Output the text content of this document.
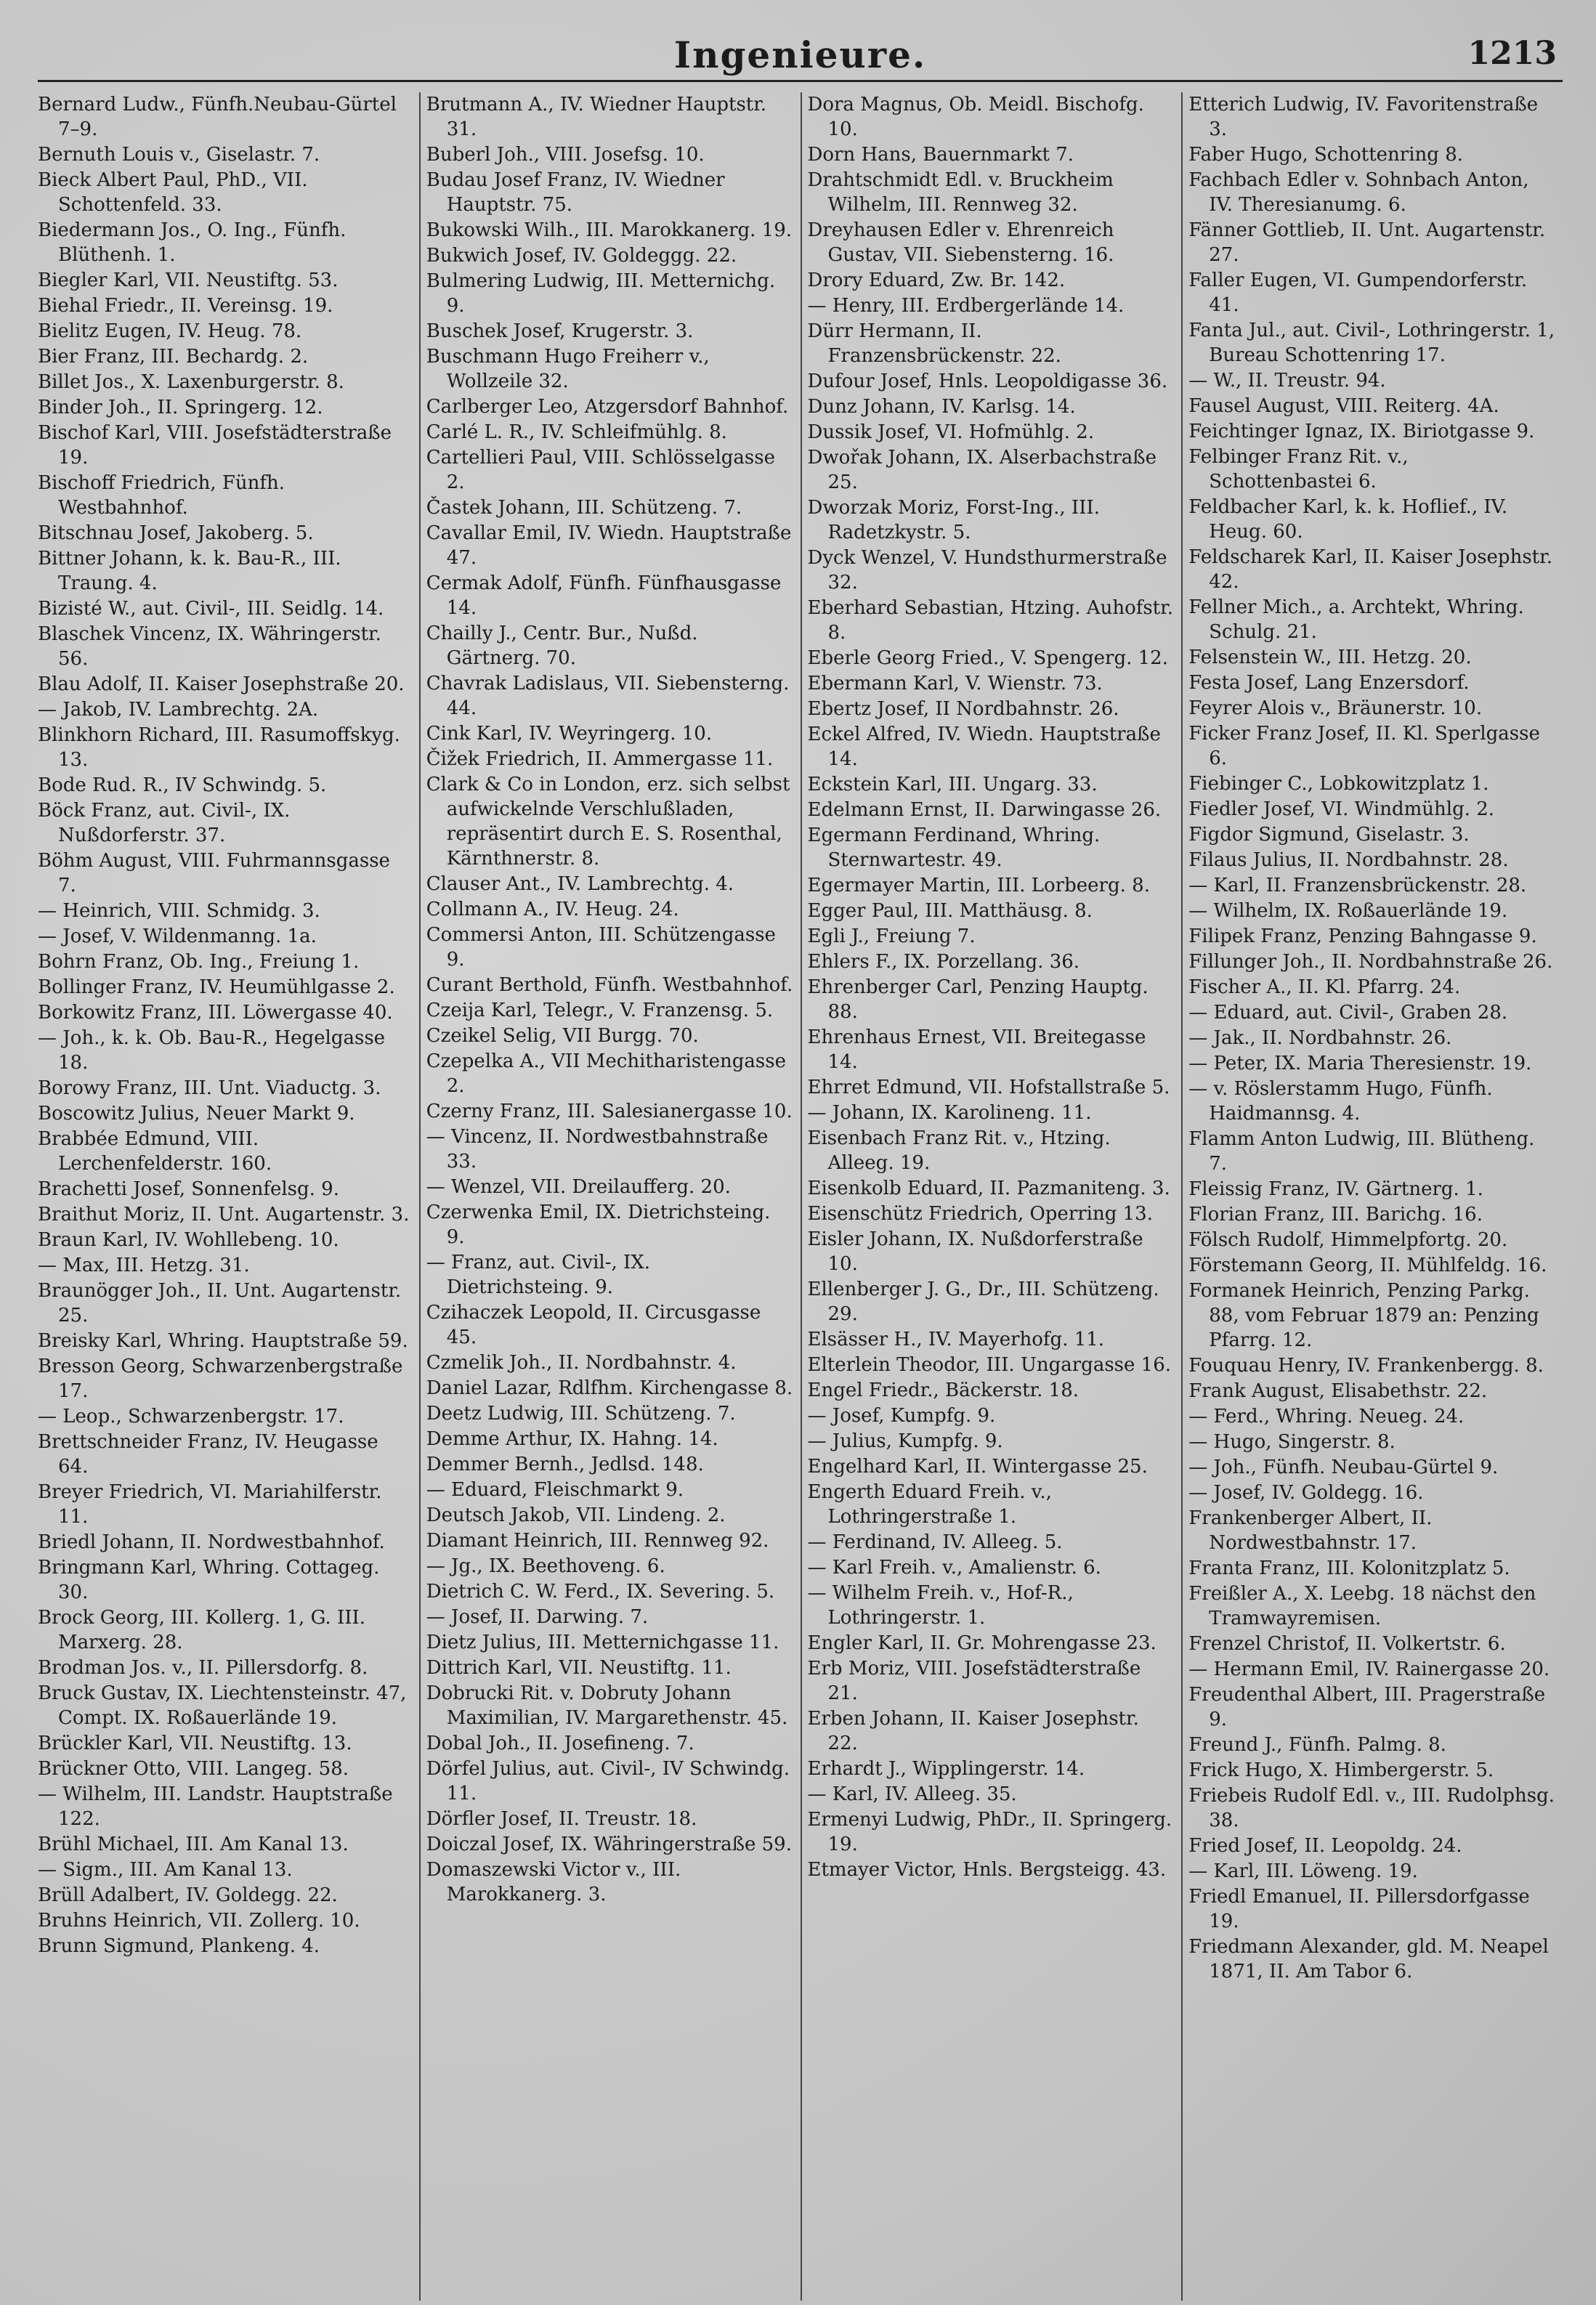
Ingenieure.	1213
Bernard Ludw., Fünfh.Neubau-Gürtel 7–9.
Bernuth Louis v., Giselastr. 7.
Bieck Albert Paul, PhD., VII. Schottenfeld. 33.
Biedermann Jos., O. Ing., Fünfh. Blüthenh. 1.
Biegler Karl, VII. Neustiftg. 53.
Biehal Friedr., II. Vereinsg. 19.
Bielitz Eugen, IV. Heug. 78.
Bier Franz, III. Bechardg. 2.
Billet Jos., X. Laxenburgerstr. 8.
Binder Joh., II. Springerg. 12.
Bischof Karl, VIII. Josefstädterstraße 19.
Bischoff Friedrich, Fünfh. Westbahnhof.
Bitschnau Josef, Jakoberg. 5.
Bittner Johann, k. k. Bau-R., III. Traung. 4.
Bizisté W., aut. Civil-, III. Seidlg. 14.
Blaschek Vincenz, IX. Währingerstr. 56.
Blau Adolf, II. Kaiser Josephstraße 20.
— Jakob, IV. Lambrechtg. 2A.
Blinkhorn Richard, III. Rasumoffskyg. 13.
Bode Rud. R., IV Schwindg. 5.
Böck Franz, aut. Civil-, IX. Nußdorferstr. 37.
Böhm August, VIII. Fuhrmannsgasse 7.
— Heinrich, VIII. Schmidg. 3.
— Josef, V. Wildenmanng. 1a.
Bohrn Franz, Ob. Ing., Freiung 1.
Bollinger Franz, IV. Heumühlgasse 2.
Borkowitz Franz, III. Löwergasse 40.
— Joh., k. k. Ob. Bau-R., Hegelgasse 18.
Borowy Franz, III. Unt. Viaductg. 3.
Boscowitz Julius, Neuer Markt 9.
Brabbée Edmund, VIII. Lerchenfelderstr. 160.
Brachetti Josef, Sonnenfelsg. 9.
Braithut Moriz, II. Unt. Augartenstr. 3.
Braun Karl, IV. Wohllebeng. 10.
— Max, III. Hetzg. 31.
Braunögger Joh., II. Unt. Augartenstr. 25.
Breisky Karl, Whring. Hauptstraße 59.
Bresson Georg, Schwarzenbergstraße 17.
— Leop., Schwarzenbergstr. 17.
Brettschneider Franz, IV. Heugasse 64.
Breyer Friedrich, VI. Mariahilferstr. 11.
Briedl Johann, II. Nordwestbahnhof.
Bringmann Karl, Whring. Cottageg. 30.
Brock Georg, III. Kollerg. 1, G. III. Marxerg. 28.
Brodman Jos. v., II. Pillersdorfg. 8.
Bruck Gustav, IX. Liechtensteinstr. 47, Compt. IX. Roßauerlände 19.
Brückler Karl, VII. Neustiftg. 13.
Brückner Otto, VIII. Langeg. 58.
— Wilhelm, III. Landstr. Hauptstraße 122.
Brühl Michael, III. Am Kanal 13.
— Sigm., III. Am Kanal 13.
Brüll Adalbert, IV. Goldegg. 22.
Bruhns Heinrich, VII. Zollerg. 10.
Brunn Sigmund, Plankeng. 4.
Brutmann A., IV. Wiedner Hauptstr. 31.
Buberl Joh., VIII. Josefsg. 10.
Budau Josef Franz, IV. Wiedner Hauptstr. 75.
Bukowski Wilh., III. Marokkanerg. 19.
Bukwich Josef, IV. Goldeggg. 22.
Bulmering Ludwig, III. Metternichg. 9.
Buschek Josef, Krugerstr. 3.
Buschmann Hugo Freiherr v., Wollzeile 32.
Carlberger Leo, Atzgersdorf Bahnhof.
Carlé L. R., IV. Schleifmühlg. 8.
Cartellieri Paul, VIII. Schlösselgasse 2.
Častek Johann, III. Schützeng. 7.
Cavallar Emil, IV. Wiedn. Hauptstraße 47.
Cermak Adolf, Fünfh. Fünfhausgasse 14.
Chailly J., Centr. Bur., Nußd. Gärtnerg. 70.
Chavrak Ladislaus, VII. Siebensterng. 44.
Cink Karl, IV. Weyringerg. 10.
Čižek Friedrich, II. Ammergasse 11.
Clark & Co in London, erz. sich selbst aufwickelnde Verschlußladen, repräsentirt durch E. S. Rosenthal, Kärnthnerstr. 8.
Clauser Ant., IV. Lambrechtg. 4.
Collmann A., IV. Heug. 24.
Commersi Anton, III. Schützengasse 9.
Curant Berthold, Fünfh. Westbahnhof.
Czeija Karl, Telegr., V. Franzensg. 5.
Czeikel Selig, VII Burgg. 70.
Czepelka A., VII Mechitharistengasse 2.
Czerny Franz, III. Salesianergasse 10.
— Vincenz, II. Nordwestbahnstraße 33.
— Wenzel, VII. Dreilaufferg. 20.
Czerwenka Emil, IX. Dietrichsteing. 9.
— Franz, aut. Civil-, IX. Dietrichsteing. 9.
Czihaczek Leopold, II. Circusgasse 45.
Czmelik Joh., II. Nordbahnstr. 4.
Daniel Lazar, Rdlfhm. Kirchengasse 8.
Deetz Ludwig, III. Schützeng. 7.
Demme Arthur, IX. Hahng. 14.
Demmer Bernh., Jedlsd. 148.
— Eduard, Fleischmarkt 9.
Deutsch Jakob, VII. Lindeng. 2.
Diamant Heinrich, III. Rennweg 92.
— Jg., IX. Beethoveng. 6.
Dietrich C. W. Ferd., IX. Severing. 5.
— Josef, II. Darwing. 7.
Dietz Julius, III. Metternichgasse 11.
Dittrich Karl, VII. Neustiftg. 11.
Dobrucki Rit. v. Dobruty Johann Maximilian, IV. Margarethenstr. 45.
Dobal Joh., II. Josefineng. 7.
Dörfel Julius, aut. Civil-, IV Schwindg. 11.
Dörfler Josef, II. Treustr. 18.
Doiczal Josef, IX. Währingerstraße 59.
Domaszewski Victor v., III. Marokkanerg. 3.
Dora Magnus, Ob. Meidl. Bischofg. 10.
Dorn Hans, Bauernmarkt 7.
Drahtschmidt Edl. v. Bruckheim Wilhelm, III. Rennweg 32.
Dreyhausen Edler v. Ehrenreich Gustav, VII. Siebensterng. 16.
Drory Eduard, Zw. Br. 142.
— Henry, III. Erdbergerlände 14.
Dürr Hermann, II. Franzensbrückenstr. 22.
Dufour Josef, Hnls. Leopoldigasse 36.
Dunz Johann, IV. Karlsg. 14.
Dussik Josef, VI. Hofmühlg. 2.
Dwořak Johann, IX. Alserbachstraße 25.
Dworzak Moriz, Forst-Ing., III. Radetzkystr. 5.
Dyck Wenzel, V. Hundsthurmerstraße 32.
Eberhard Sebastian, Htzing. Auhofstr. 8.
Eberle Georg Fried., V. Spengerg. 12.
Ebermann Karl, V. Wienstr. 73.
Ebertz Josef, II Nordbahnstr. 26.
Eckel Alfred, IV. Wiedn. Hauptstraße 14.
Eckstein Karl, III. Ungarg. 33.
Edelmann Ernst, II. Darwingasse 26.
Egermann Ferdinand, Whring. Sternwartestr. 49.
Egermayer Martin, III. Lorbeerg. 8.
Egger Paul, III. Matthäusg. 8.
Egli J., Freiung 7.
Ehlers F., IX. Porzellang. 36.
Ehrenberger Carl, Penzing Hauptg. 88.
Ehrenhaus Ernest, VII. Breitegasse 14.
Ehrret Edmund, VII. Hofstallstraße 5.
— Johann, IX. Karolineng. 11.
Eisenbach Franz Rit. v., Htzing. Alleeg. 19.
Eisenkolb Eduard, II. Pazmaniteng. 3.
Eisenschütz Friedrich, Operring 13.
Eisler Johann, IX. Nußdorferstraße 10.
Ellenberger J. G., Dr., III. Schützeng. 29.
Elsässer H., IV. Mayerhofg. 11.
Elterlein Theodor, III. Ungargasse 16.
Engel Friedr., Bäckerstr. 18.
— Josef, Kumpfg. 9.
— Julius, Kumpfg. 9.
Engelhard Karl, II. Wintergasse 25.
Engerth Eduard Freih. v., Lothringerstraße 1.
— Ferdinand, IV. Alleeg. 5.
— Karl Freih. v., Amalienstr. 6.
— Wilhelm Freih. v., Hof-R., Lothringerstr. 1.
Engler Karl, II. Gr. Mohrengasse 23.
Erb Moriz, VIII. Josefstädterstraße 21.
Erben Johann, II. Kaiser Josephstr. 22.
Erhardt J., Wipplingerstr. 14.
— Karl, IV. Alleeg. 35.
Ermenyi Ludwig, PhDr., II. Springerg. 19.
Etmayer Victor, Hnls. Bergsteigg. 43.
Etterich Ludwig, IV. Favoritenstraße 3.
Faber Hugo, Schottenring 8.
Fachbach Edler v. Sohnbach Anton, IV. Theresianumg. 6.
Fänner Gottlieb, II. Unt. Augartenstr. 27.
Faller Eugen, VI. Gumpendorferstr. 41.
Fanta Jul., aut. Civil-, Lothringerstr. 1, Bureau Schottenring 17.
— W., II. Treustr. 94.
Fausel August, VIII. Reiterg. 4A.
Feichtinger Ignaz, IX. Biriotgasse 9.
Felbinger Franz Rit. v., Schottenbastei 6.
Feldbacher Karl, k. k. Hoflief., IV. Heug. 60.
Feldscharek Karl, II. Kaiser Josephstr. 42.
Fellner Mich., a. Archtekt, Whring. Schulg. 21.
Felsenstein W., III. Hetzg. 20.
Festa Josef, Lang Enzersdorf.
Feyrer Alois v., Bräunerstr. 10.
Ficker Franz Josef, II. Kl. Sperlgasse 6.
Fiebinger C., Lobkowitzplatz 1.
Fiedler Josef, VI. Windmühlg. 2.
Figdor Sigmund, Giselastr. 3.
Filaus Julius, II. Nordbahnstr. 28.
— Karl, II. Franzensbrückenstr. 28.
— Wilhelm, IX. Roßauerlände 19.
Filipek Franz, Penzing Bahngasse 9.
Fillunger Joh., II. Nordbahnstraße 26.
Fischer A., II. Kl. Pfarrg. 24.
— Eduard, aut. Civil-, Graben 28.
— Jak., II. Nordbahnstr. 26.
— Peter, IX. Maria Theresienstr. 19.
— v. Röslerstamm Hugo, Fünfh. Haidmannsg. 4.
Flamm Anton Ludwig, III. Blütheng. 7.
Fleissig Franz, IV. Gärtnerg. 1.
Florian Franz, III. Barichg. 16.
Fölsch Rudolf, Himmelpfortg. 20.
Förstemann Georg, II. Mühlfeldg. 16.
Formanek Heinrich, Penzing Parkg. 88, vom Februar 1879 an: Penzing Pfarrg. 12.
Fouquau Henry, IV. Frankenbergg. 8.
Frank August, Elisabethstr. 22.
— Ferd., Whring. Neueg. 24.
— Hugo, Singerstr. 8.
— Joh., Fünfh. Neubau-Gürtel 9.
— Josef, IV. Goldegg. 16.
Frankenberger Albert, II. Nordwestbahnstr. 17.
Franta Franz, III. Kolonitzplatz 5.
Freißler A., X. Leebg. 18 nächst den Tramwayremisen.
Frenzel Christof, II. Volkertstr. 6.
— Hermann Emil, IV. Rainergasse 20.
Freudenthal Albert, III. Pragerstraße 9.
Freund J., Fünfh. Palmg. 8.
Frick Hugo, X. Himbergerstr. 5.
Friebeis Rudolf Edl. v., III. Rudolphsg. 38.
Fried Josef, II. Leopoldg. 24.
— Karl, III. Löweng. 19.
Friedl Emanuel, II. Pillersdorfgasse 19.
Friedmann Alexander, gld. M. Neapel 1871, II. Am Tabor 6.
